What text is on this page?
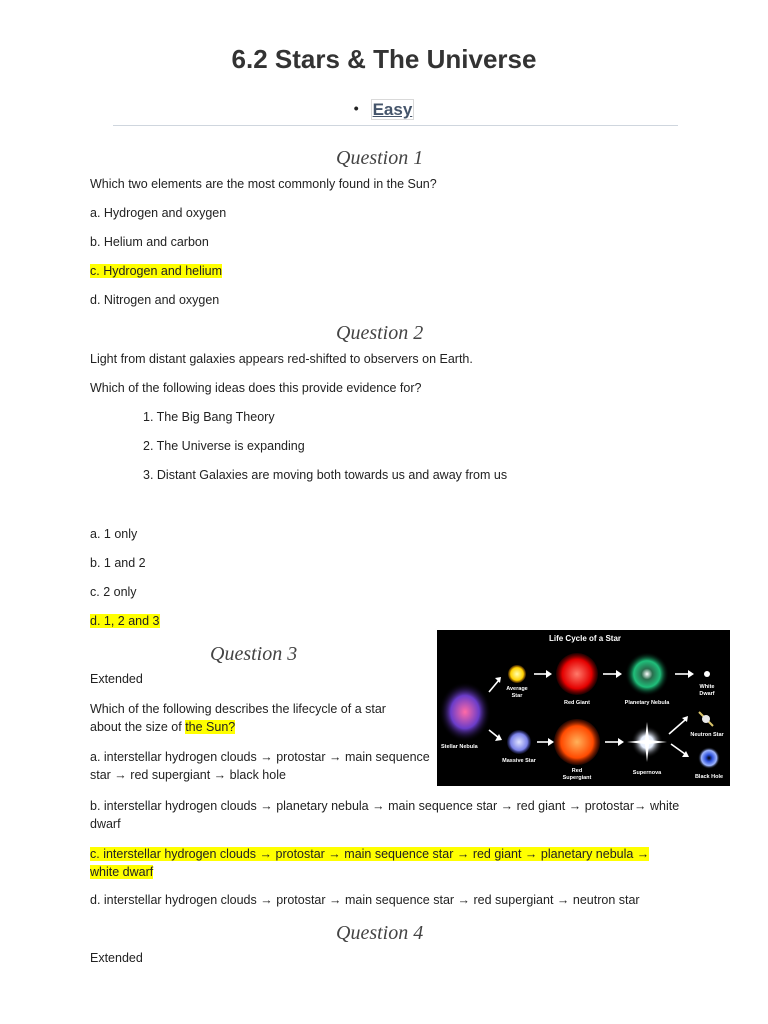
6.2 Stars & The Universe
• Easy
Question 1
Which two elements are the most commonly found in the Sun?
a. Hydrogen and oxygen
b. Helium and carbon
c. Hydrogen and helium
d. Nitrogen and oxygen
Question 2
Light from distant galaxies appears red-shifted to observers on Earth.
Which of the following ideas does this provide evidence for?
1. The Big Bang Theory
2. The Universe is expanding
3. Distant Galaxies are moving both towards us and away from us
a. 1 only
b. 1 and 2
c. 2 only
d. 1, 2 and 3
Question 3
Extended
Which of the following describes the lifecycle of a star about the size of the Sun?
a. interstellar hydrogen clouds → protostar → main sequence star → red supergiant → black hole
b. interstellar hydrogen clouds → planetary nebula → main sequence star → red giant → protostar→ white dwarf
c. interstellar hydrogen clouds → protostar → main sequence star → red giant → planetary nebula → white dwarf
d. interstellar hydrogen clouds → protostar → main sequence star → red supergiant → neutron star
Life Cycle of a Star
Stellar Nebula
Average
Star
Red Giant	Planetary Nebula
White
Dwarf
Massive Star
Red
Supergiant
Supernova
Neutron Star
Black Hole
Question 4
Extended
